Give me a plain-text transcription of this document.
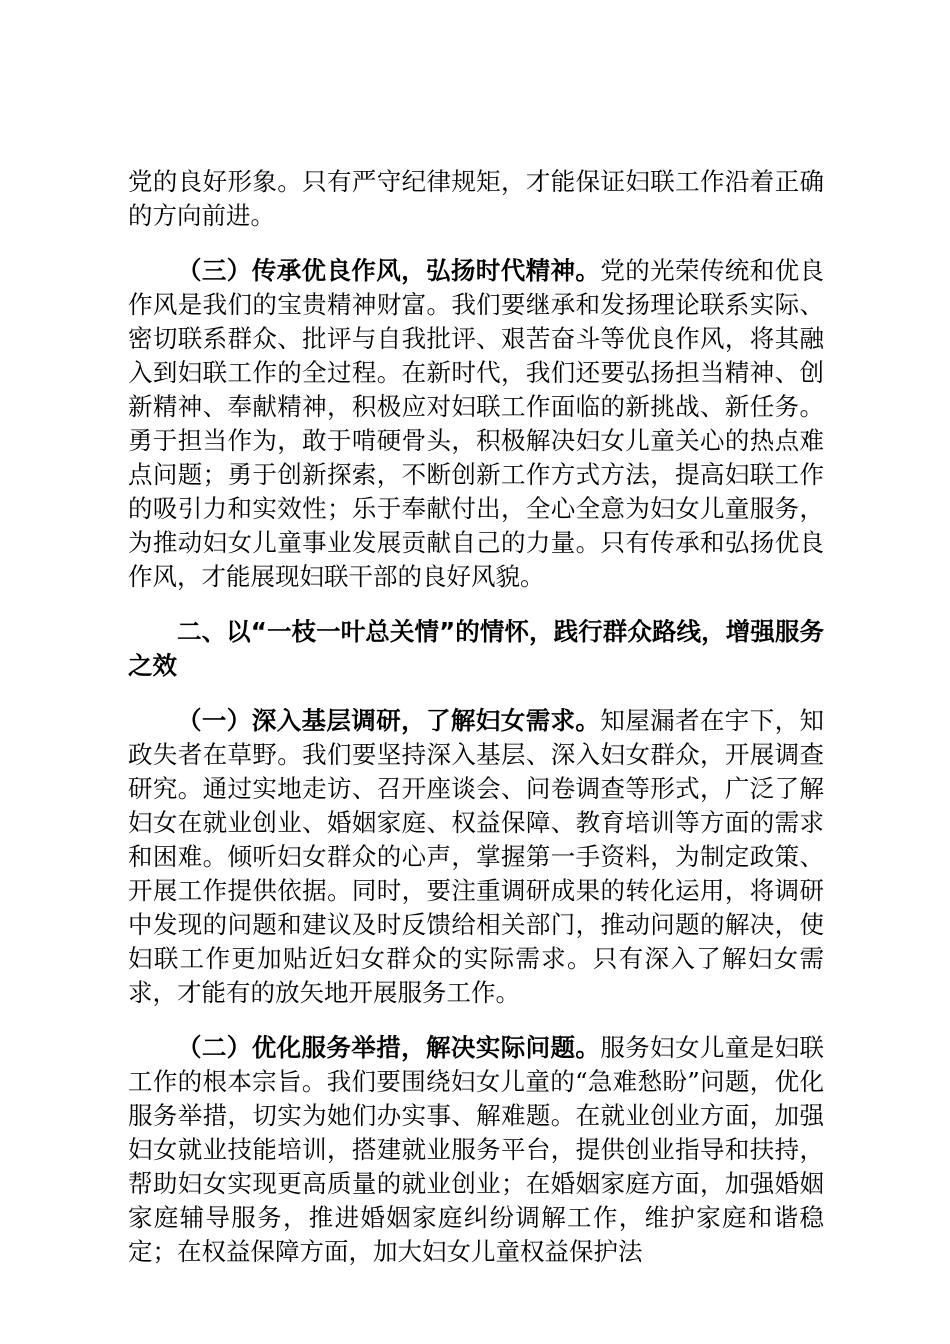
党的良好形象。只有严守纪律规矩，才能保证妇联工作沿着正确的方向前进。

（三）传承优良作风，弘扬时代精神。党的光荣传统和优良作风是我们的宝贵精神财富。我们要继承和发扬理论联系实际、密切联系群众、批评与自我批评、艰苦奋斗等优良作风，将其融入到妇联工作的全过程。在新时代，我们还要弘扬担当精神、创新精神、奉献精神，积极应对妇联工作面临的新挑战、新任务。勇于担当作为，敢于啃硬骨头，积极解决妇女儿童关心的热点难点问题；勇于创新探索，不断创新工作方式方法，提高妇联工作的吸引力和实效性；乐于奉献付出，全心全意为妇女儿童服务，为推动妇女儿童事业发展贡献自己的力量。只有传承和弘扬优良作风，才能展现妇联干部的良好风貌。

二、以“一枝一叶总关情”的情怀，践行群众路线，增强服务之效

（一）深入基层调研，了解妇女需求。知屋漏者在宇下，知政失者在草野。我们要坚持深入基层、深入妇女群众，开展调查研究。通过实地走访、召开座谈会、问卷调查等形式，广泛了解妇女在就业创业、婚姻家庭、权益保障、教育培训等方面的需求和困难。倾听妇女群众的心声，掌握第一手资料，为制定政策、开展工作提供依据。同时，要注重调研成果的转化运用，将调研中发现的问题和建议及时反馈给相关部门，推动问题的解决，使妇联工作更加贴近妇女群众的实际需求。只有深入了解妇女需求，才能有的放矢地开展服务工作。

（二）优化服务举措，解决实际问题。服务妇女儿童是妇联工作的根本宗旨。我们要围绕妇女儿童的“急难愁盼”问题，优化服务举措，切实为她们办实事、解难题。在就业创业方面，加强妇女就业技能培训，搭建就业服务平台，提供创业指导和扶持，帮助妇女实现更高质量的就业创业；在婚姻家庭方面，加强婚姻家庭辅导服务，推进婚姻家庭纠纷调解工作，维护家庭和谐稳定；在权益保障方面，加大妇女儿童权益保护法
